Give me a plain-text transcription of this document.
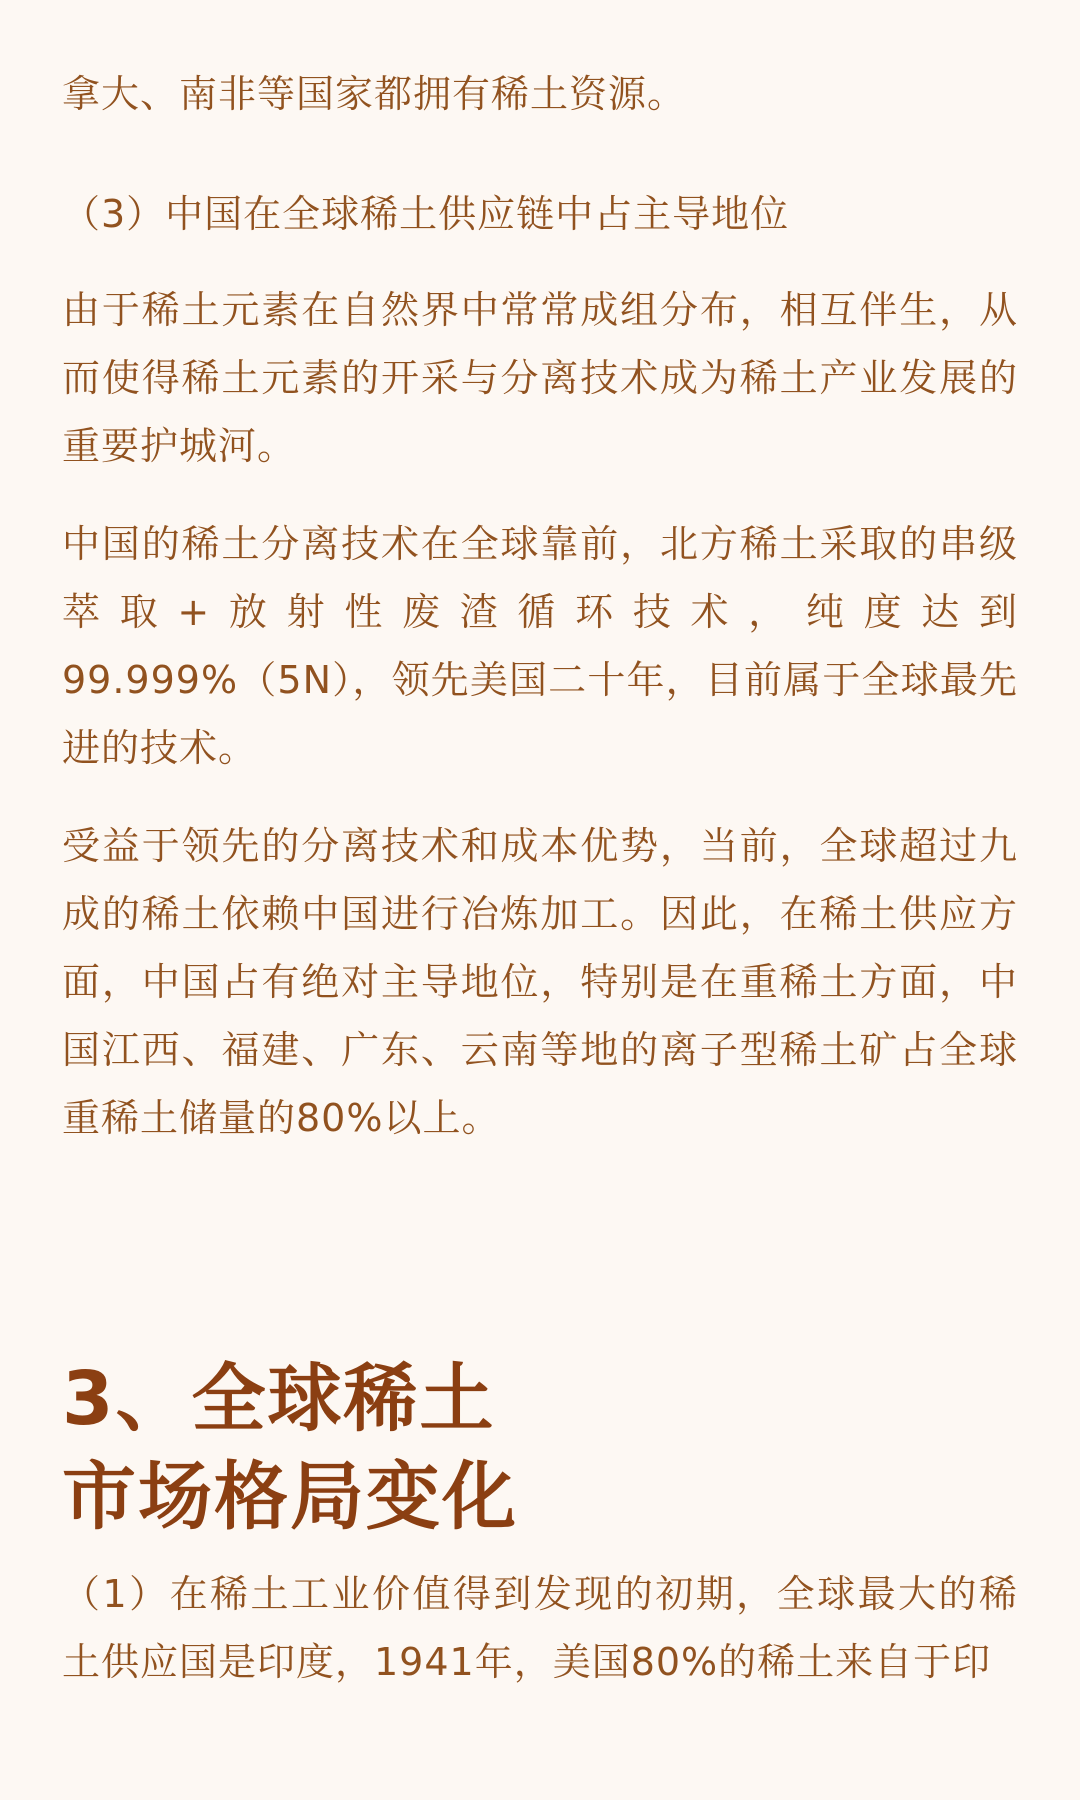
拿大、南非等国家都拥有稀土资源。

（3）中国在全球稀土供应链中占主导地位

由于稀土元素在自然界中常常成组分布，相互伴生，从而使得稀土元素的开采与分离技术成为稀土产业发展的重要护城河。

中国的稀土分离技术在全球靠前，北方稀土采取的串级萃取+放射性废渣循环技术，纯度达到99.999%（5N），领先美国二十年，目前属于全球最先进的技术。

受益于领先的分离技术和成本优势，当前，全球超过九成的稀土依赖中国进行冶炼加工。因此，在稀土供应方面，中国占有绝对主导地位，特别是在重稀土方面，中国江西、福建、广东、云南等地的离子型稀土矿占全球重稀土储量的80%以上。

3、全球稀土
市场格局变化

（1）在稀土工业价值得到发现的初期，全球最大的稀土供应国是印度，1941年，美国80%的稀土来自于印
